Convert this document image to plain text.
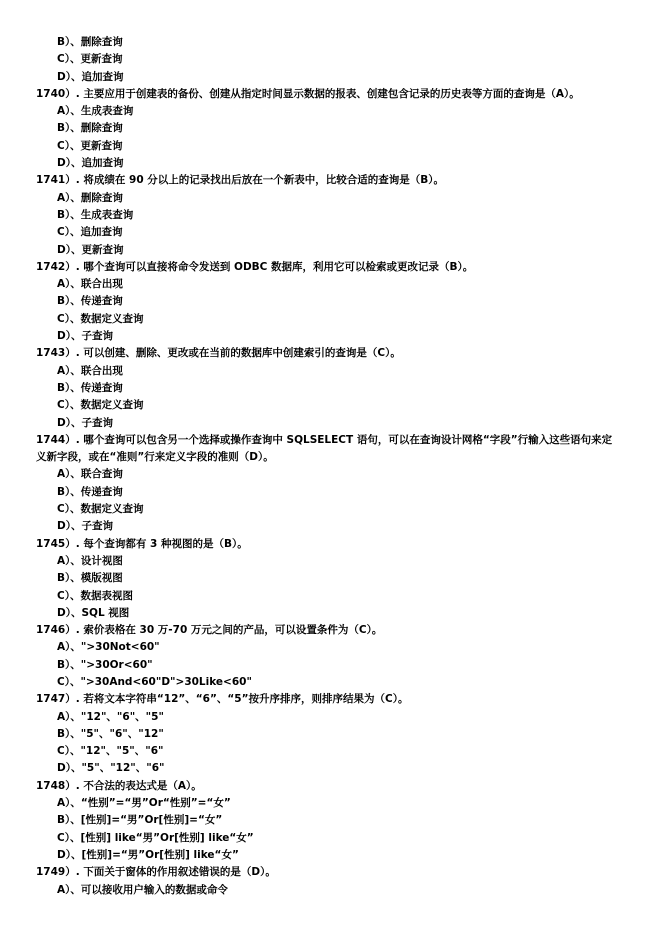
B）、删除查询
C）、更新查询
D）、追加查询
1740）. 主要应用于创建表的备份、创建从指定时间显示数据的报表、创建包含记录的历史表等方面的查询是（A）。
A）、生成表查询
B）、删除查询
C）、更新查询
D）、追加查询
1741）. 将成绩在 90 分以上的记录找出后放在一个新表中，比较合适的查询是（B）。
A）、删除查询
B）、生成表查询
C）、追加查询
D）、更新查询
1742）. 哪个查询可以直接将命令发送到 ODBC 数据库，利用它可以检索或更改记录（B）。
A）、联合出现
B）、传递查询
C）、数据定义查询
D）、子查询
1743）. 可以创建、删除、更改或在当前的数据库中创建索引的查询是（C）。
A）、联合出现
B）、传递查询
C）、数据定义查询
D）、子查询
1744）. 哪个查询可以包含另一个选择或操作查询中 SQLSELECT 语句，可以在查询设计网格“字段”行输入这些语句来定
义新字段，或在“准则”行来定义字段的准则（D）。
A）、联合查询
B）、传递查询
C）、数据定义查询
D）、子查询
1745）. 每个查询都有 3 种视图的是（B）。
A）、设计视图
B）、模版视图
C）、数据表视图
D）、SQL 视图
1746）. 索价表格在 30 万-70 万元之间的产品，可以设置条件为（C）。
A）、">30Not<60"
B）、">30Or<60"
C）、">30And<60"D">30Like<60"
1747）. 若将文本字符串“12”、“6”、“5”按升序排序，则排序结果为（C）。
A）、"12"、"6"、"5"
B）、"5"、"6"、"12"
C）、"12"、"5"、"6"
D）、"5"、"12"、"6"
1748）. 不合法的表达式是（A）。
A）、“性别”=“男”Or“性别”=“女”
B）、[性别]=“男”Or[性别]=“女”
C）、[性别] like“男”Or[性别] like“女”
D）、[性别]=“男”Or[性别] like“女”
1749）. 下面关于窗体的作用叙述错误的是（D）。
A）、可以接收用户输入的数据或命令
